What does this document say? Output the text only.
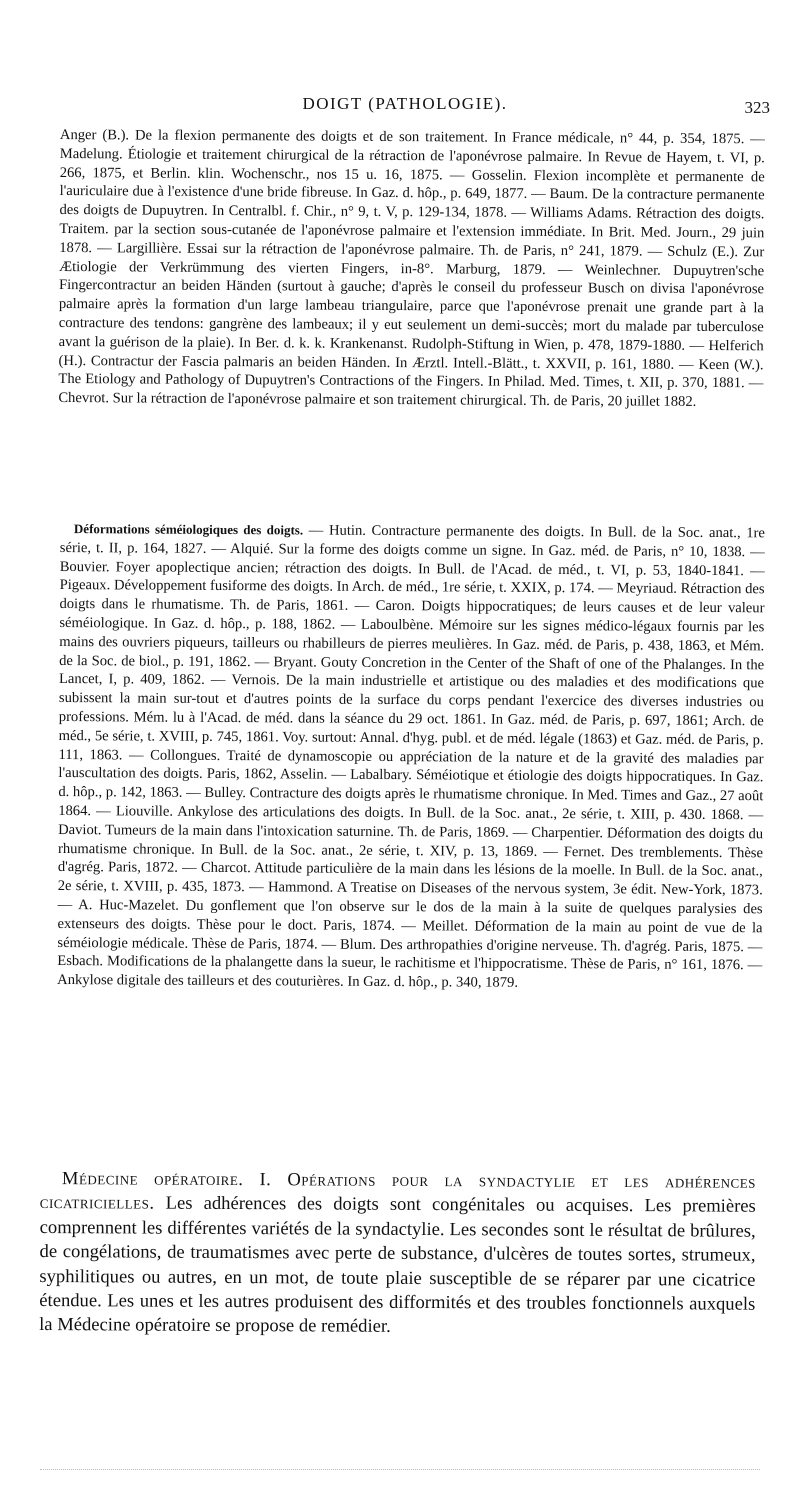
DOIGT (PATHOLOGIE).	323

Anger (B.). De la flexion permanente des doigts et de son traitement. In France médicale, n° 44, p. 354, 1875. — Madelung. Étiologie et traitement chirurgical de la rétraction de l'aponévrose palmaire. In Revue de Hayem, t. VI, p. 266, 1875, et Berlin. klin. Wochenschr., nos 15 u. 16, 1875. — Gosselin. Flexion incomplète et permanente de l'auriculaire due à l'existence d'une bride fibreuse. In Gaz. d. hôp., p. 649, 1877. — Baum. De la contracture permanente des doigts de Dupuytren. In Centralbl. f. Chir., n° 9, t. V, p. 129-134, 1878. — Williams Adams. Rétraction des doigts. Traitem. par la section sous-cutanée de l'aponévrose palmaire et l'extension immédiate. In Brit. Med. Journ., 29 juin 1878. — Largillière. Essai sur la rétraction de l'aponévrose palmaire. Th. de Paris, n° 241, 1879. — Schulz (E.). Zur Ætiologie der Verkrümmung des vierten Fingers, in-8°. Marburg, 1879. — Weinlechner. Dupuytren'sche Fingercontractur an beiden Händen (surtout à gauche; d'après le conseil du professeur Busch on divisa l'aponévrose palmaire après la formation d'un large lambeau triangulaire, parce que l'aponévrose prenait une grande part à la contracture des tendons: gangrène des lambeaux; il y eut seulement un demi-succès; mort du malade par tuberculose avant la guérison de la plaie). In Ber. d. k. k. Krankenanst. Rudolph-Stiftung in Wien, p. 478, 1879-1880. — Helferich (H.). Contractur der Fascia palmaris an beiden Händen. In Ærztl. Intell.-Blätt., t. XXVII, p. 161, 1880. — Keen (W.). The Etiology and Pathology of Dupuytren's Contractions of the Fingers. In Philad. Med. Times, t. XII, p. 370, 1881. — Chevrot. Sur la rétraction de l'aponévrose palmaire et son traitement chirurgical. Th. de Paris, 20 juillet 1882.

Déformations séméiologiques des doigts. — Hutin. Contracture permanente des doigts. In Bull. de la Soc. anat., 1re série, t. II, p. 164, 1827. — Alquié. Sur la forme des doigts comme un signe. In Gaz. méd. de Paris, n° 10, 1838. — Bouvier. Foyer apoplectique ancien; rétraction des doigts. In Bull. de l'Acad. de méd., t. VI, p. 53, 1840-1841. — Pigeaux. Développement fusiforme des doigts. In Arch. de méd., 1re série, t. XXIX, p. 174. — Meyriaud. Rétraction des doigts dans le rhumatisme. Th. de Paris, 1861. — Caron. Doigts hippocratiques; de leurs causes et de leur valeur séméiologique. In Gaz. d. hôp., p. 188, 1862. — Laboulbène. Mémoire sur les signes médico-légaux fournis par les mains des ouvriers piqueurs, tailleurs ou rhabilleurs de pierres meulières. In Gaz. méd. de Paris, p. 438, 1863, et Mém. de la Soc. de biol., p. 191, 1862. — Bryant. Gouty Concretion in the Center of the Shaft of one of the Phalanges. In the Lancet, I, p. 409, 1862. — Vernois. De la main industrielle et artistique ou des maladies et des modifications que subissent la main sur-tout et d'autres points de la surface du corps pendant l'exercice des diverses industries ou professions. Mém. lu à l'Acad. de méd. dans la séance du 29 oct. 1861. In Gaz. méd. de Paris, p. 697, 1861; Arch. de méd., 5e série, t. XVIII, p. 745, 1861. Voy. surtout: Annal. d'hyg. publ. et de méd. légale (1863) et Gaz. méd. de Paris, p. 111, 1863. — Collongues. Traité de dynamoscopie ou appréciation de la nature et de la gravité des maladies par l'auscultation des doigts. Paris, 1862, Asselin. — Labalbary. Séméiotique et étiologie des doigts hippocratiques. In Gaz. d. hôp., p. 142, 1863. — Bulley. Contracture des doigts après le rhumatisme chronique. In Med. Times and Gaz., 27 août 1864. — Liouville. Ankylose des articulations des doigts. In Bull. de la Soc. anat., 2e série, t. XIII, p. 430. 1868. — Daviot. Tumeurs de la main dans l'intoxication saturnine. Th. de Paris, 1869. — Charpentier. Déformation des doigts du rhumatisme chronique. In Bull. de la Soc. anat., 2e série, t. XIV, p. 13, 1869. — Fernet. Des tremblements. Thèse d'agrég. Paris, 1872. — Charcot. Attitude particulière de la main dans les lésions de la moelle. In Bull. de la Soc. anat., 2e série, t. XVIII, p. 435, 1873. — Hammond. A Treatise on Diseases of the nervous system, 3e édit. New-York, 1873. — A. Huc-Mazelet. Du gonflement que l'on observe sur le dos de la main à la suite de quelques paralysies des extenseurs des doigts. Thèse pour le doct. Paris, 1874. — Meillet. Déformation de la main au point de vue de la séméiologie médicale. Thèse de Paris, 1874. — Blum. Des arthropathies d'origine nerveuse. Th. d'agrég. Paris, 1875. — Esbach. Modifications de la phalangette dans la sueur, le rachitisme et l'hippocratisme. Thèse de Paris, n° 161, 1876. — Ankylose digitale des tailleurs et des couturières. In Gaz. d. hôp., p. 340, 1879.

Médecine opératoire. I. Opérations pour la syndactylie et les adhérences cicatricielles. Les adhérences des doigts sont congénitales ou acquises. Les premières comprennent les différentes variétés de la syndactylie. Les secondes sont le résultat de brûlures, de congélations, de traumatismes avec perte de substance, d'ulcères de toutes sortes, strumeux, syphilitiques ou autres, en un mot, de toute plaie susceptible de se réparer par une cicatrice étendue. Les unes et les autres produisent des difformités et des troubles fonctionnels auxquels la Médecine opératoire se propose de remédier.
